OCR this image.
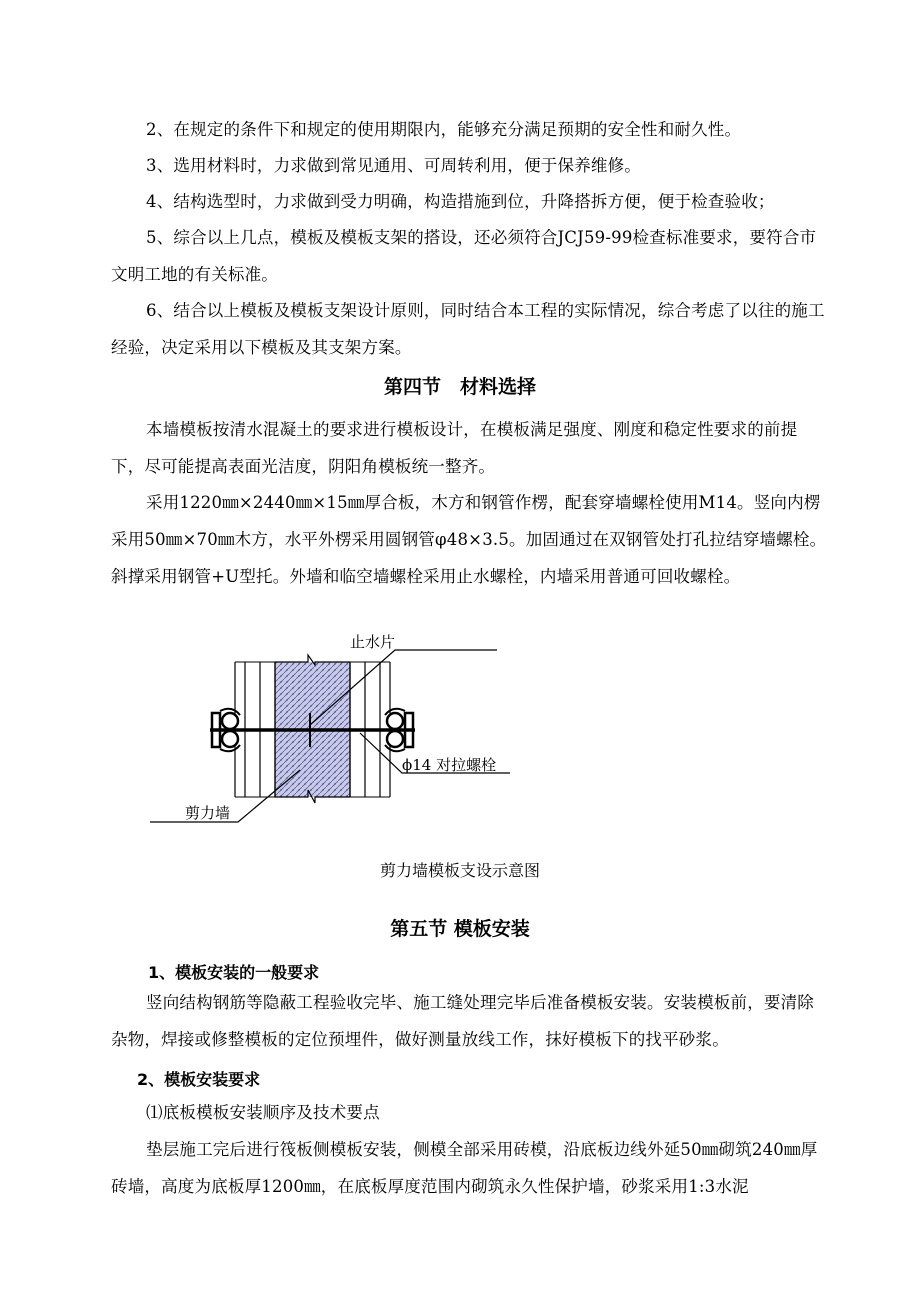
2、在规定的条件下和规定的使用期限内，能够充分满足预期的安全性和耐久性。

3、选用材料时，力求做到常见通用、可周转利用，便于保养维修。

4、结构选型时，力求做到受力明确，构造措施到位，升降搭拆方便，便于检查验收；

5、综合以上几点，模板及模板支架的搭设，还必须符合JCJ59-99检查标准要求，要符合市文明工地的有关标准。

6、结合以上模板及模板支架设计原则，同时结合本工程的实际情况，综合考虑了以往的施工经验，决定采用以下模板及其支架方案。

第四节　材料选择

本墙模板按清水混凝土的要求进行模板设计，在模板满足强度、刚度和稳定性要求的前提下，尽可能提高表面光洁度，阴阳角模板统一整齐。

采用1220㎜×2440㎜×15㎜厚合板，木方和钢管作楞，配套穿墙螺栓使用M14。竖向内楞采用50㎜×70㎜木方，水平外楞采用圆钢管φ48×3.5。加固通过在双钢管处打孔拉结穿墙螺栓。斜撑采用钢管+U型托。外墙和临空墙螺栓采用止水螺栓，内墙采用普通可回收螺栓。

止水片
ϕ14 对拉螺栓
剪力墙

剪力墙模板支设示意图

第五节 模板安装

1、模板安装的一般要求

竖向结构钢筋等隐蔽工程验收完毕、施工缝处理完毕后准备模板安装。安装模板前，要清除杂物，焊接或修整模板的定位预埋件，做好测量放线工作，抹好模板下的找平砂浆。

2、模板安装要求

⑴底板模板安装顺序及技术要点

垫层施工完后进行筏板侧模板安装，侧模全部采用砖模，沿底板边线外延50㎜砌筑240㎜厚砖墙，高度为底板厚1200㎜，在底板厚度范围内砌筑永久性保护墙，砂浆采用1:3水泥
